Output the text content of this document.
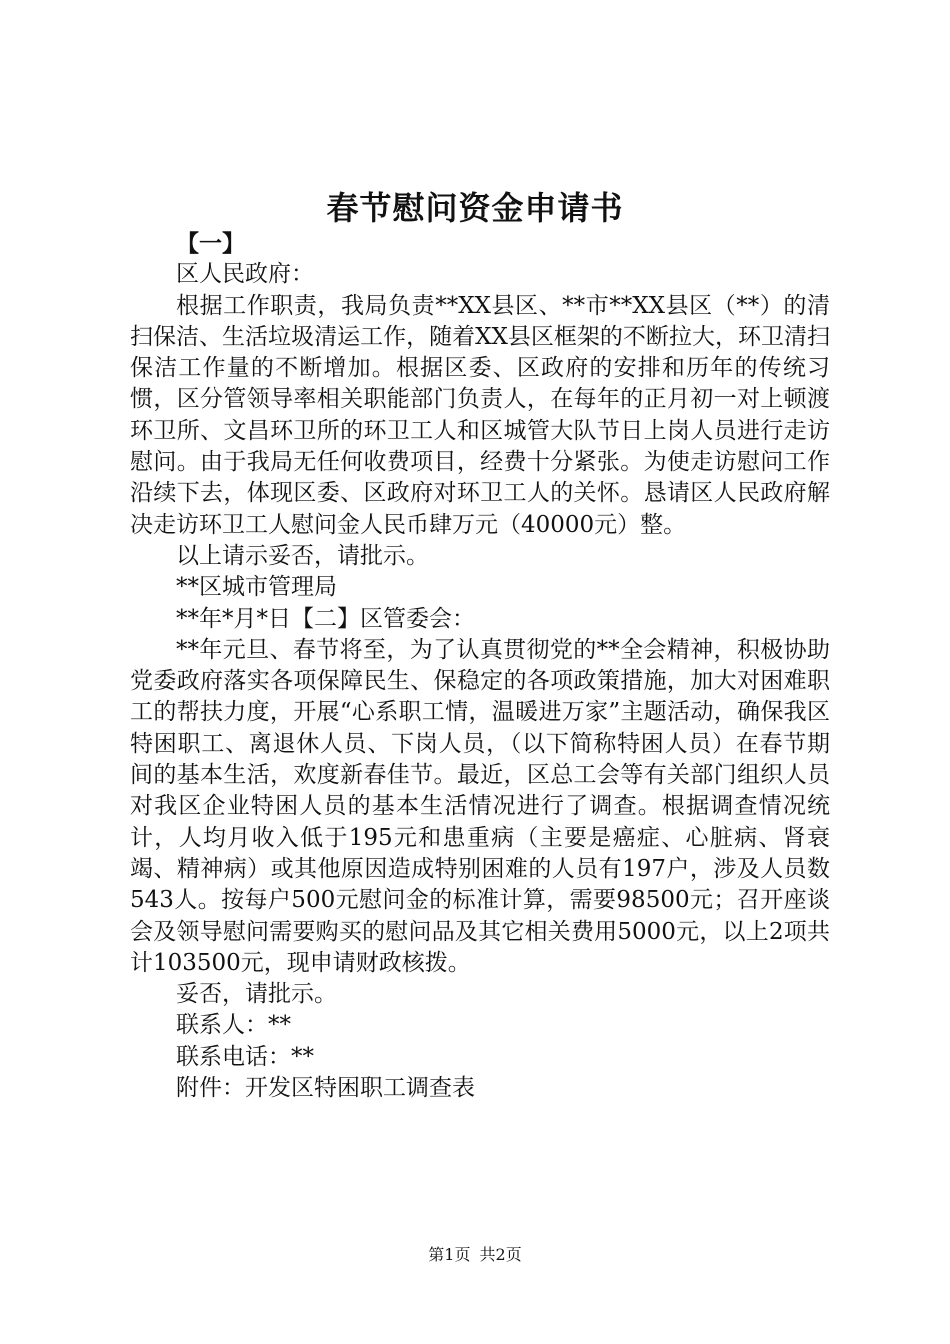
春节慰问资金申请书

【一】

区人民政府：

根据工作职责，我局负责**XX县区、**市**XX县区（**）的清扫保洁、生活垃圾清运工作，随着XX县区框架的不断拉大，环卫清扫保洁工作量的不断增加。根据区委、区政府的安排和历年的传统习惯，区分管领导率相关职能部门负责人，在每年的正月初一对上顿渡环卫所、文昌环卫所的环卫工人和区城管大队节日上岗人员进行走访慰问。由于我局无任何收费项目，经费十分紧张。为使走访慰问工作沿续下去，体现区委、区政府对环卫工人的关怀。恳请区人民政府解决走访环卫工人慰问金人民币肆万元（40000元）整。

以上请示妥否，请批示。

**区城市管理局

**年*月*日【二】区管委会：

**年元旦、春节将至，为了认真贯彻党的**全会精神，积极协助党委政府落实各项保障民生、保稳定的各项政策措施，加大对困难职工的帮扶力度，开展“心系职工情，温暖进万家”主题活动，确保我区特困职工、离退休人员、下岗人员，（以下简称特困人员）在春节期间的基本生活，欢度新春佳节。最近，区总工会等有关部门组织人员对我区企业特困人员的基本生活情况进行了调查。根据调查情况统计，人均月收入低于195元和患重病（主要是癌症、心脏病、肾衰竭、精神病）或其他原因造成特别困难的人员有197户，涉及人员数543人。按每户500元慰问金的标准计算，需要98500元；召开座谈会及领导慰问需要购买的慰问品及其它相关费用5000元，以上2项共计103500元，现申请财政核拨。

妥否，请批示。

联系人：**

联系电话：**

附件：开发区特困职工调查表

第1页 共2页
